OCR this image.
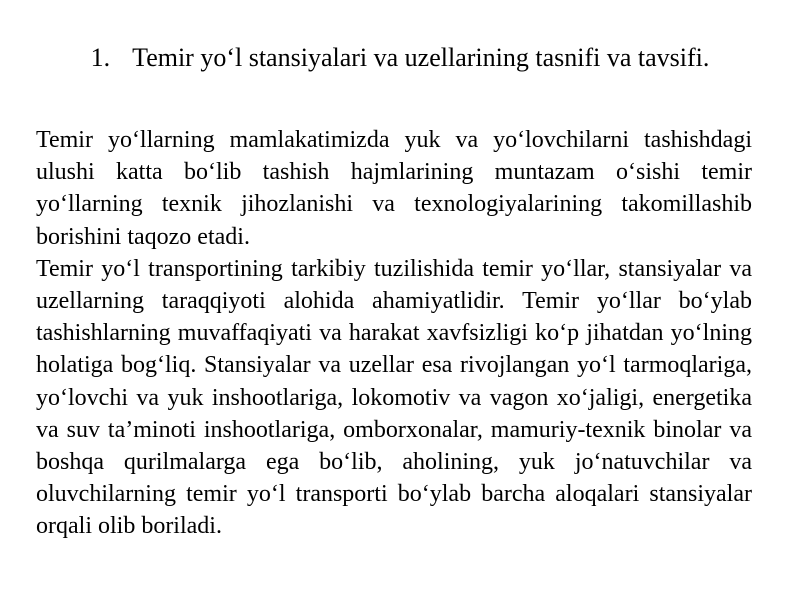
1. Temir yo‘l stansiyalari va uzellarining tasnifi va tavsifi.

Temir yo‘llarning mamlakatimizda yuk va yo‘lovchilarni tashishdagi ulushi katta bo‘lib tashish hajmlarining muntazam o‘sishi temir yo‘llarning texnik jihozlanishi va texnologiyalarining takomillashib borishini taqozo etadi.

Temir yo‘l transportining tarkibiy tuzilishida temir yo‘llar, stansiyalar va uzellarning taraqqiyoti alohida ahamiyatlidir. Temir yo‘llar bo‘ylab tashishlarning muvaffaqiyati va harakat xavfsizligi ko‘p jihatdan yo‘lning holatiga bog‘liq. Stansiyalar va uzellar esa rivojlangan yo‘l tarmoqlariga, yo‘lovchi va yuk inshootlariga, lokomotiv va vagon xo‘jaligi, energetika va suv ta’minoti inshootlariga, omborxonalar, mamuriy-texnik binolar va boshqa qurilmalarga ega bo‘lib, aholining, yuk jo‘natuvchilar va oluvchilarning temir yo‘l transporti bo‘ylab barcha aloqalari stansiyalar orqali olib boriladi.
